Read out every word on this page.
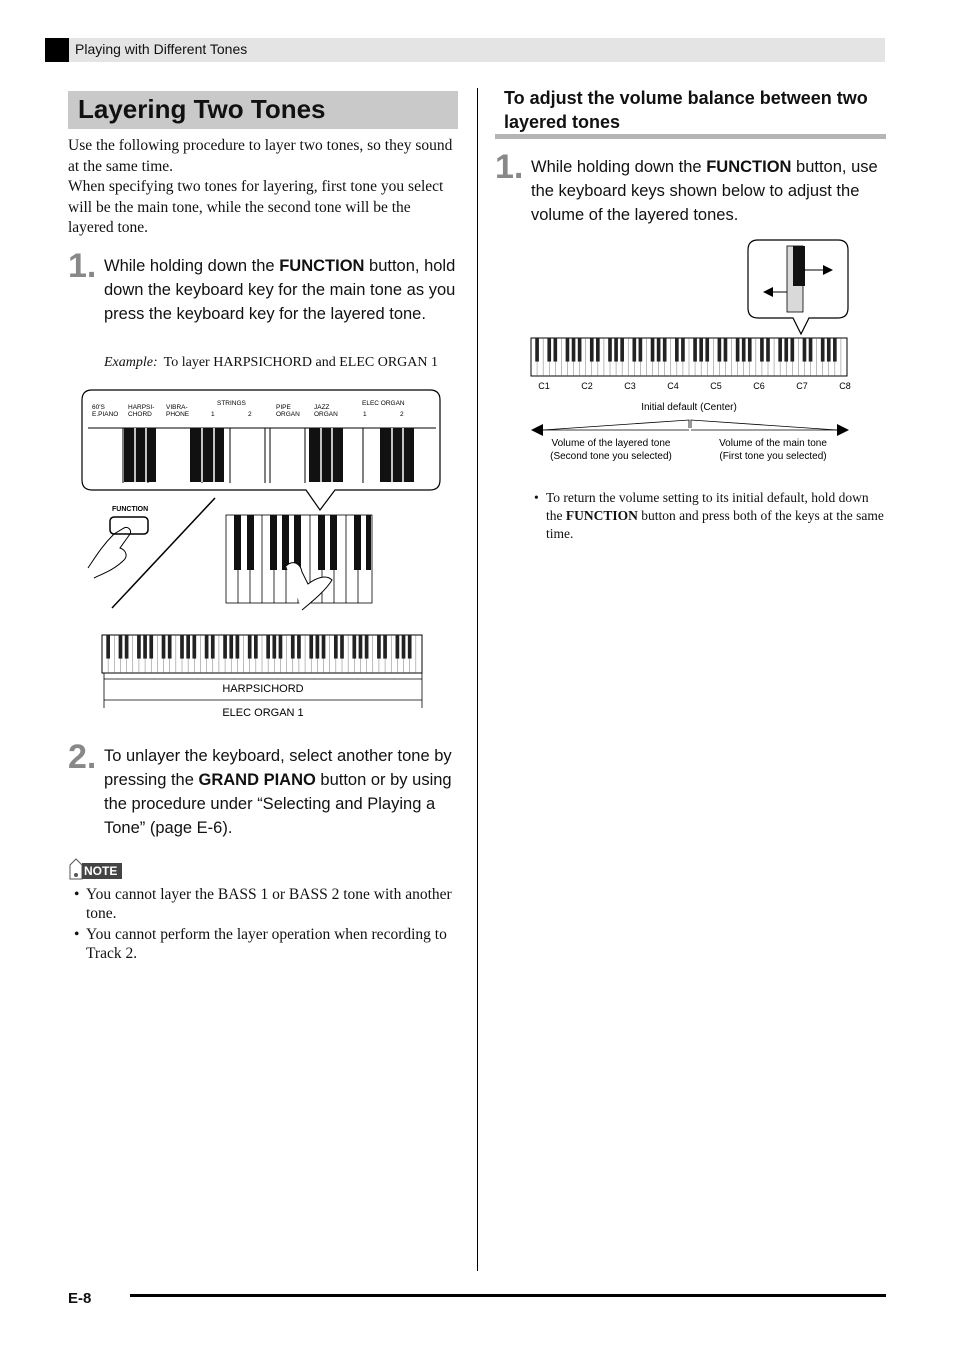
Playing with Different Tones
Layering Two Tones

Use the following procedure to layer two tones, so they sound at the same time.

When specifying two tones for layering, first tone you select will be the main tone, while the second tone will be the layered tone.

1. While holding down the FUNCTION button, hold down the keyboard key for the main tone as you press the keyboard key for the layered tone.
Example: To layer HARPSICHORD and ELEC ORGAN 1
60'S
E.PIANO
HARPSI-
CHORD
VIBRA-
PHONE
STRINGS
1	2
PIPE
ORGAN
JAZZ
ORGAN
ELEC ORGAN
1	2
FUNCTION
HARPSICHORD
ELEC ORGAN 1
2. To unlayer the keyboard, select another tone by pressing the GRAND PIANO button or by using the procedure under “Selecting and Playing a Tone” (page E-6).
NOTE
• You cannot layer the BASS 1 or BASS 2 tone with another tone.
• You cannot perform the layer operation when recording to Track 2.
To adjust the volume balance between two layered tones
1. While holding down the FUNCTION button, use the keyboard keys shown below to adjust the volume of the layered tones.
C1	C2	C3	C4	C5	C6	C7	C8
Initial default (Center)
Volume of the layered tone
(Second tone you selected)
Volume of the main tone
(First tone you selected)
• To return the volume setting to its initial default, hold down the FUNCTION button and press both of the keys at the same time.
E-8
